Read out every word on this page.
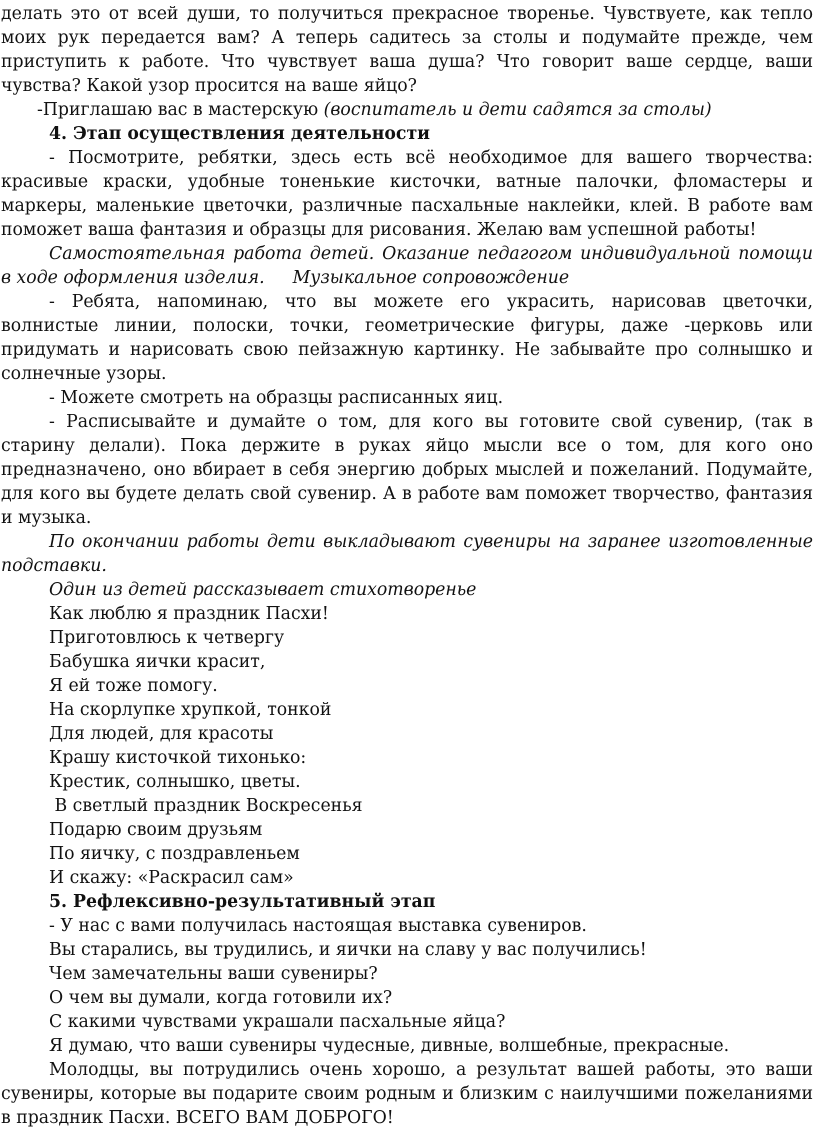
делать это от всей души, то получиться прекрасное творенье. Чувствуете, как тепло моих рук передается вам? А теперь садитесь за столы и подумайте прежде, чем приступить к работе. Что чувствует ваша душа? Что говорит ваше сердце, ваши чувства? Какой узор просится на ваше яйцо?

-Приглашаю вас в мастерскую (воспитатель и дети садятся за столы)

4. Этап осуществления деятельности

- Посмотрите, ребятки, здесь есть всё необходимое для вашего творчества: красивые краски, удобные тоненькие кисточки, ватные палочки, фломастеры и маркеры, маленькие цветочки, различные пасхальные наклейки, клей. В работе вам поможет ваша фантазия и образцы для рисования. Желаю вам успешной работы!

Самостоятельная работа детей. Оказание педагогом индивидуальной помощи в ходе оформления изделия. Музыкальное сопровождение

- Ребята, напоминаю, что вы можете его украсить, нарисовав цветочки, волнистые линии, полоски, точки, геометрические фигуры, даже -церковь или придумать и нарисовать свою пейзажную картинку. Не забывайте про солнышко и солнечные узоры.

- Можете смотреть на образцы расписанных яиц.

- Расписывайте и думайте о том, для кого вы готовите свой сувенир, (так в старину делали). Пока держите в руках яйцо мысли все о том, для кого оно предназначено, оно вбирает в себя энергию добрых мыслей и пожеланий. Подумайте, для кого вы будете делать свой сувенир. А в работе вам поможет творчество, фантазия и музыка.

По окончании работы дети выкладывают сувениры на заранее изготовленные подставки.

Один из детей рассказывает стихотворенье

Как люблю я праздник Пасхи!

Приготовлюсь к четвергу

Бабушка яички красит,

Я ей тоже помогу.

На скорлупке хрупкой, тонкой

Для людей, для красоты

Крашу кисточкой тихонько:

Крестик, солнышко, цветы.

В светлый праздник Воскресенья

Подарю своим друзьям

По яичку, с поздравленьем

И скажу: «Раскрасил сам»

5. Рефлексивно-результативный этап

- У нас с вами получилась настоящая выставка сувениров.

Вы старались, вы трудились, и яички на славу у вас получились!

Чем замечательны ваши сувениры?

О чем вы думали, когда готовили их?

С какими чувствами украшали пасхальные яйца?

Я думаю, что ваши сувениры чудесные, дивные, волшебные, прекрасные.

Молодцы, вы потрудились очень хорошо, а результат вашей работы, это ваши сувениры, которые вы подарите своим родным и близким с наилучшими пожеланиями в праздник Пасхи. ВСЕГО ВАМ ДОБРОГО!
